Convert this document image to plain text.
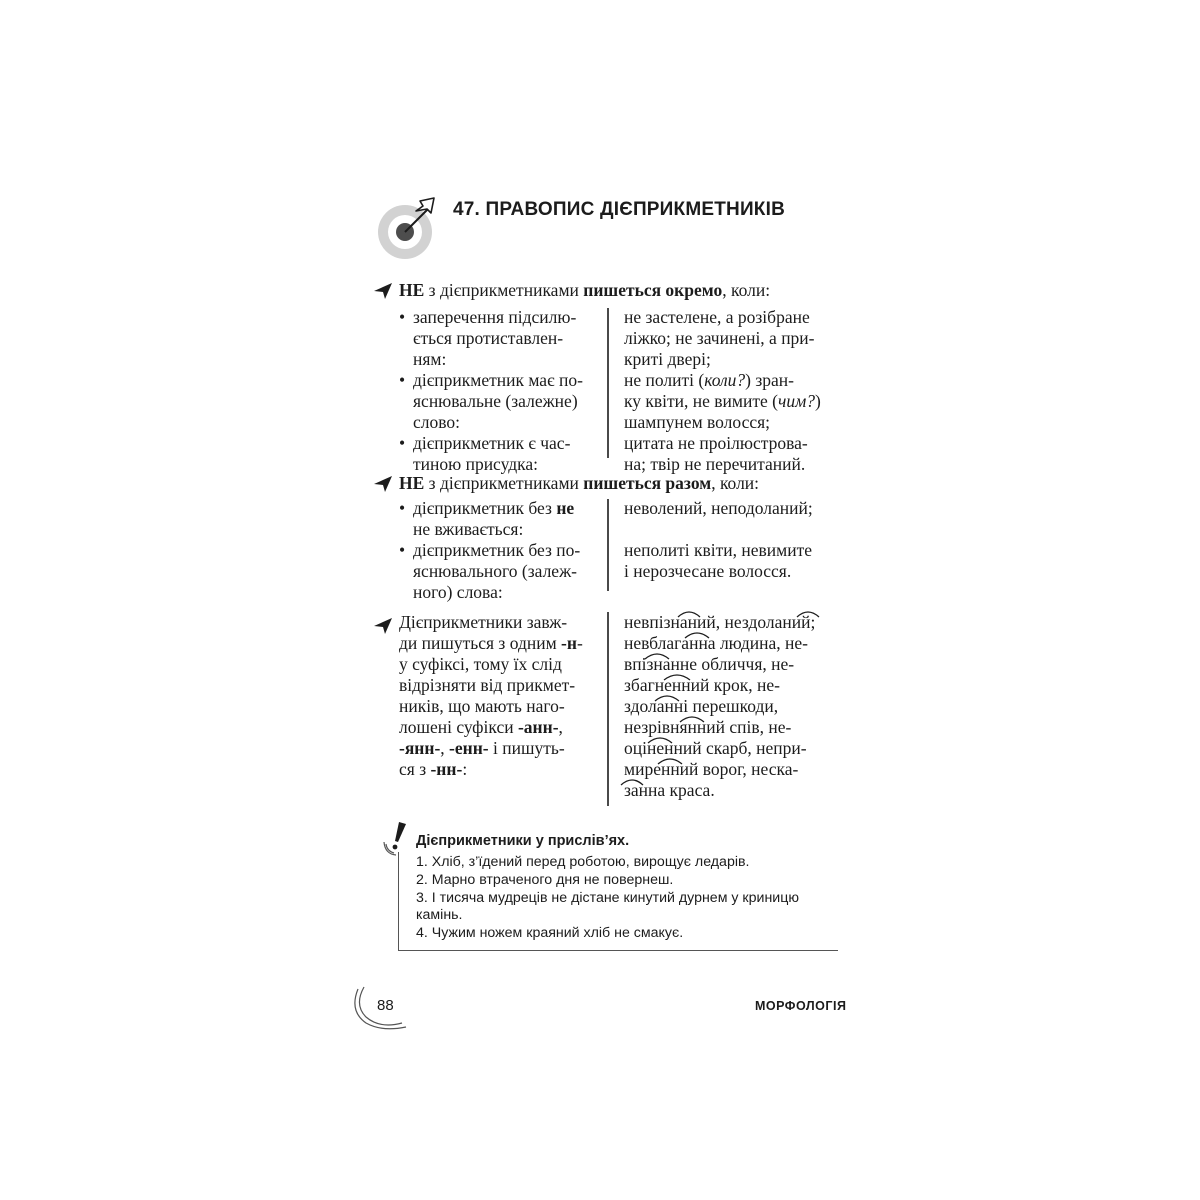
47. ПРАВОПИС ДІЄПРИКМЕТНИКІВ
НЕ з дієприкметниками пишеться окремо, коли:
• заперечення підсилю-
ється протиставлен-
ням:
• дієприкметник має по-
яснювальне (залежне)
слово:
• дієприкметник є час-
тиною присудка:
не застелене, а розібране
ліжко; не зачинені, а при-
криті двері;
не политі (коли?) зран-
ку квіти, не вимите (чим?)
шампунем волосся;
цитата не проілюстрова-
на; твір не перечитаний.
НЕ з дієприкметниками пишеться разом, коли:
• дієприкметник без не
не вживається:
• дієприкметник без по-
яснювального (залеж-
ного) слова:
неволений, неподоланий;
неполиті квіти, невимите
і нерозчесане волосся.
Дієприкметники завж-
ди пишуться з одним -н-
у суфіксі, тому їх слід
відрізняти від прикмет-
ників, що мають наго-
лошені суфікси -анн-,
-янн-, -енн- і пишуть-
ся з -нн-:
невпізнаний, нездоланий;
невблаганна людина, не-
впізнанне обличчя, не-
збагненний крок, не-
здоланні перешкоди,
незрівнянний спів, не-
оціненний скарб, непри-
миренний ворог, неска-
занна краса.
Дієприкметники у прислів’ях.
1. Хліб, з’їдений перед роботою, вирощує ледарів.
2. Марно втраченого дня не повернеш.
3. І тисяча мудреців не дістане кинутий дурнем у криницю
камінь.
4. Чужим ножем краяний хліб не смакує.
88	МОРФОЛОГІЯ
